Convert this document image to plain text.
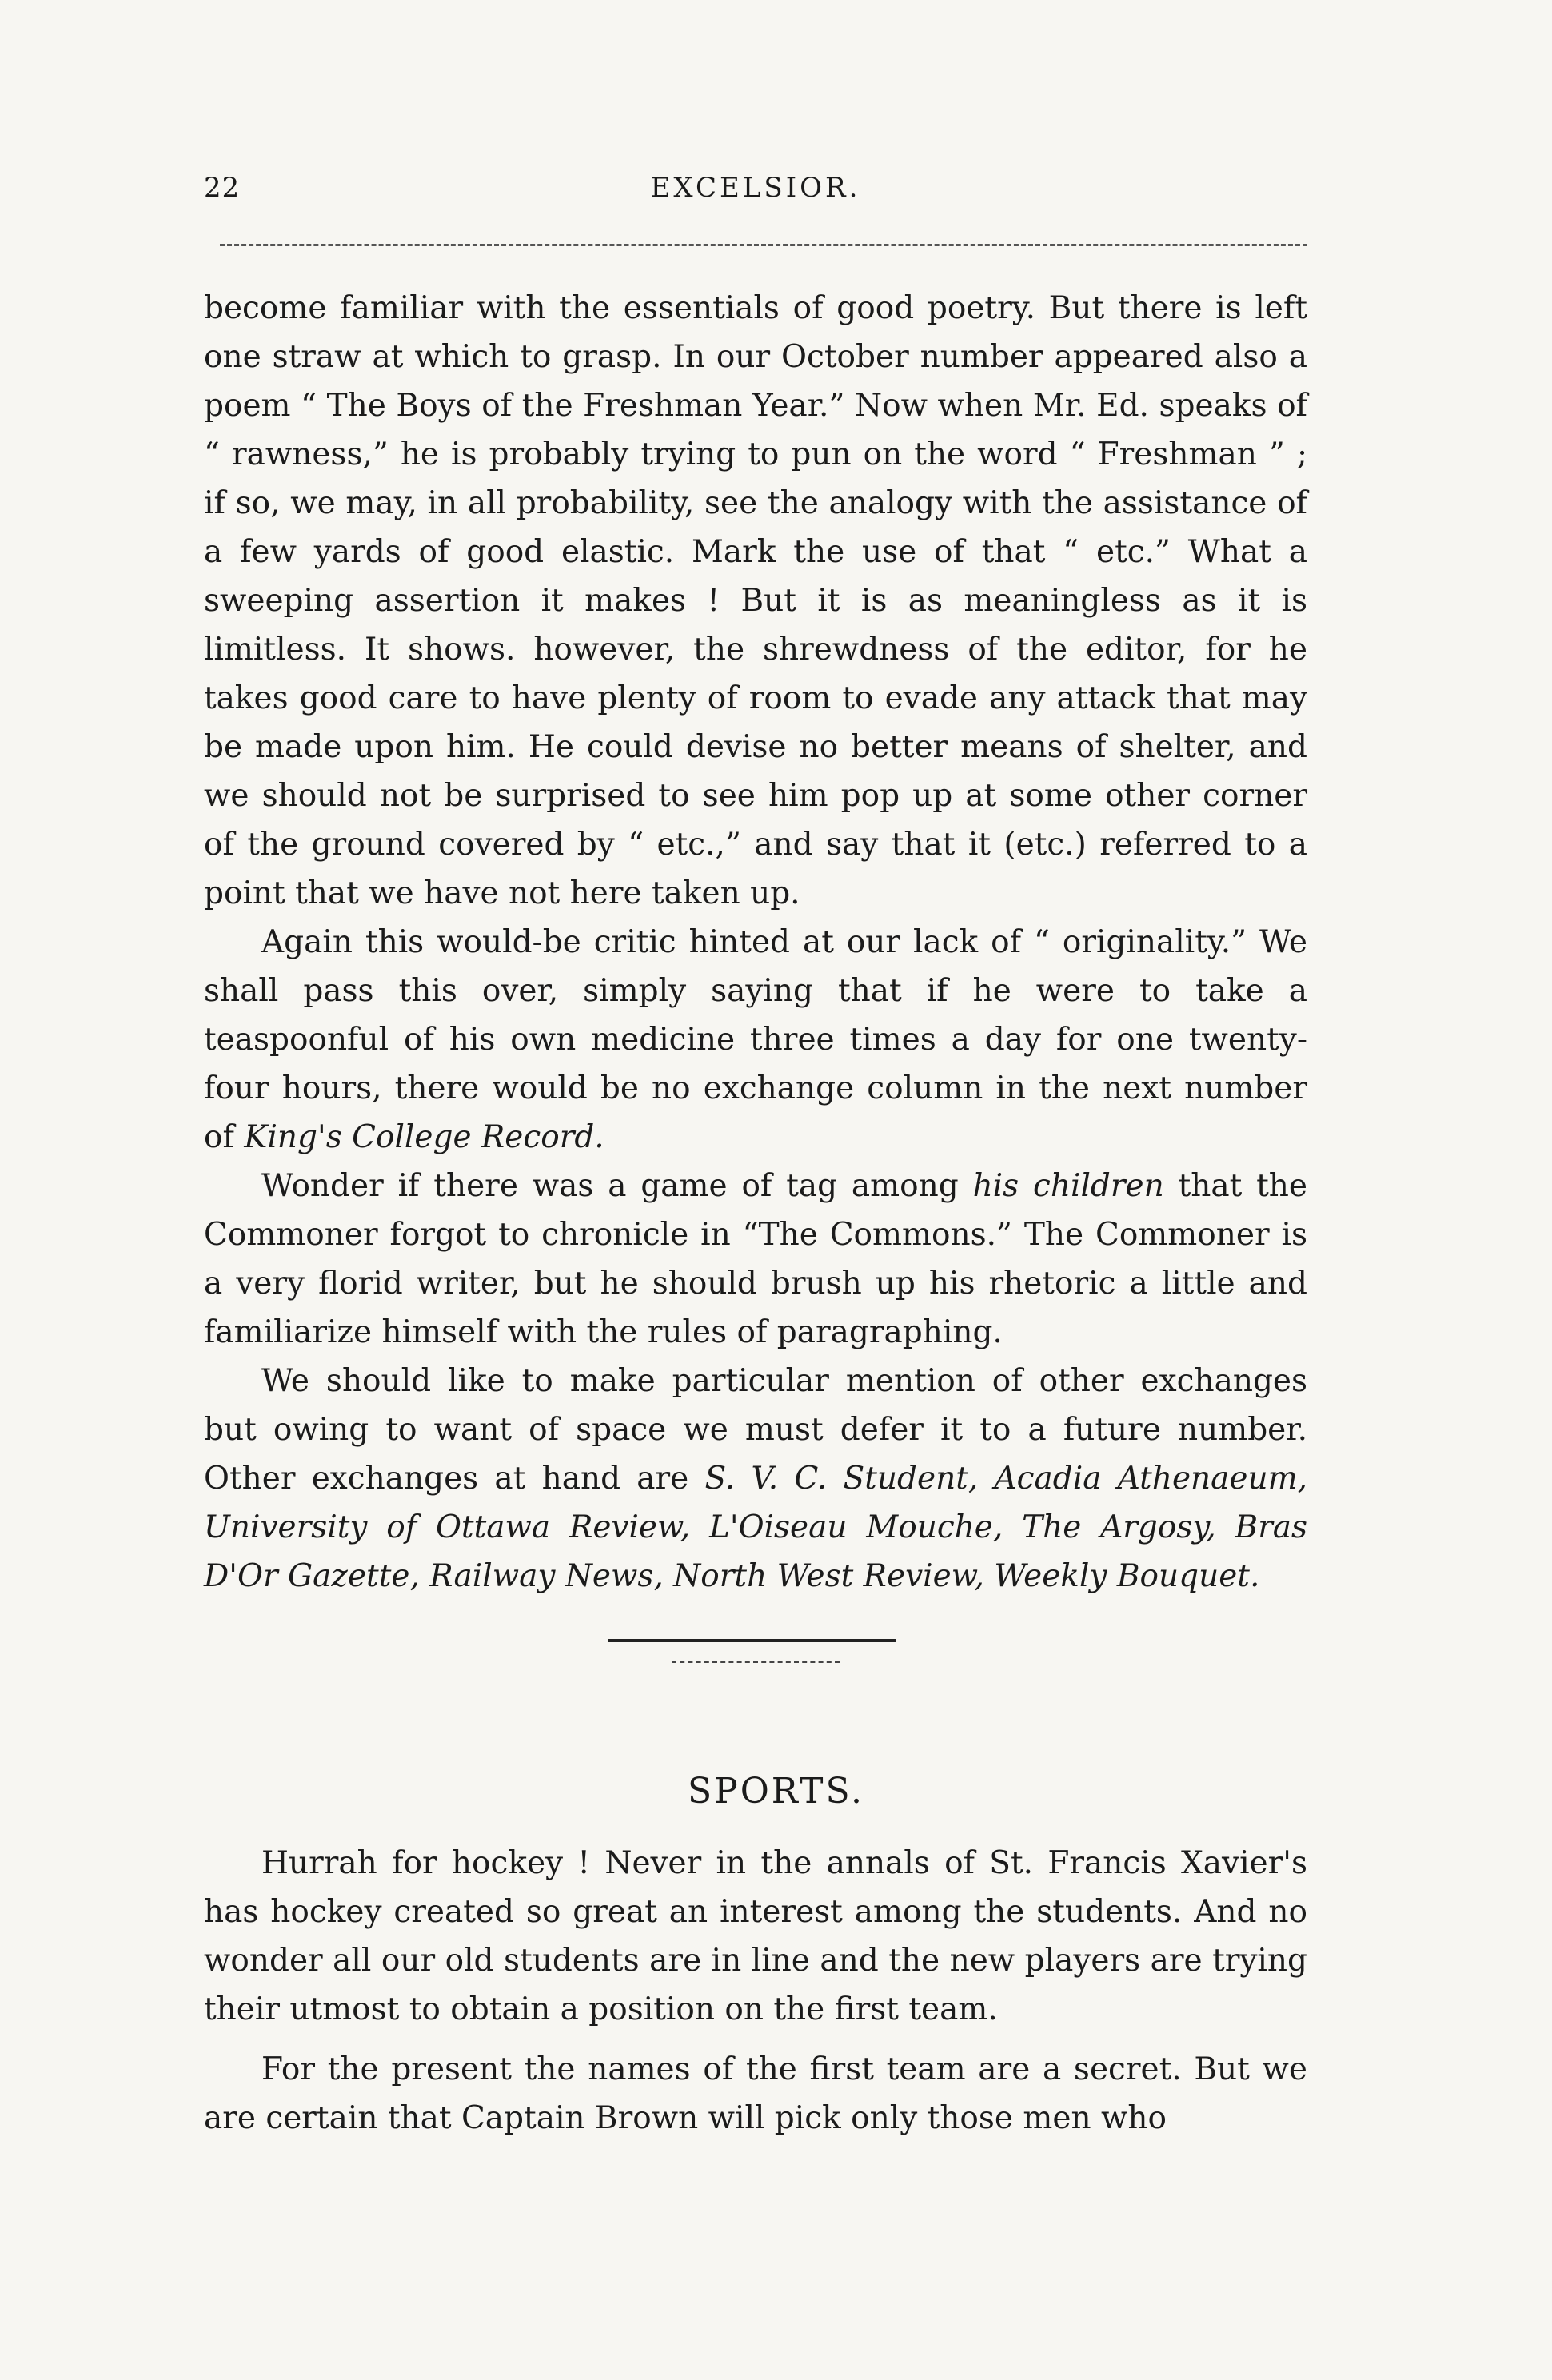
22	EXCELSIOR.

become familiar with the essentials of good poetry. But there is left one straw at which to grasp. In our October number appeared also a poem “ The Boys of the Freshman Year.” Now when Mr. Ed. speaks of “ rawness,” he is probably trying to pun on the word “ Freshman ” ; if so, we may, in all probability, see the analogy with the assistance of a few yards of good elastic. Mark the use of that “ etc.” What a sweeping assertion it makes ! But it is as meaningless as it is limitless. It shows. however, the shrewdness of the editor, for he takes good care to have plenty of room to evade any attack that may be made upon him. He could devise no better means of shelter, and we should not be surprised to see him pop up at some other corner of the ground covered by “ etc.,” and say that it (etc.) referred to a point that we have not here taken up.

Again this would-be critic hinted at our lack of “ originality.” We shall pass this over, simply saying that if he were to take a teaspoonful of his own medicine three times a day for one twenty-four hours, there would be no exchange column in the next number of King's College Record.

Wonder if there was a game of tag among his children that the Commoner forgot to chronicle in “The Commons.” The Commoner is a very florid writer, but he should brush up his rhetoric a little and familiarize himself with the rules of paragraphing.

We should like to make particular mention of other exchanges but owing to want of space we must defer it to a future number. Other exchanges at hand are S. V. C. Student, Acadia Athenaeum, University of Ottawa Review, L'Oiseau Mouche, The Argosy, Bras D'Or Gazette, Railway News, North West Review, Weekly Bouquet.

SPORTS.

Hurrah for hockey ! Never in the annals of St. Francis Xavier's has hockey created so great an interest among the students. And no wonder all our old students are in line and the new players are trying their utmost to obtain a position on the first team.

For the present the names of the first team are a secret. But we are certain that Captain Brown will pick only those men who
